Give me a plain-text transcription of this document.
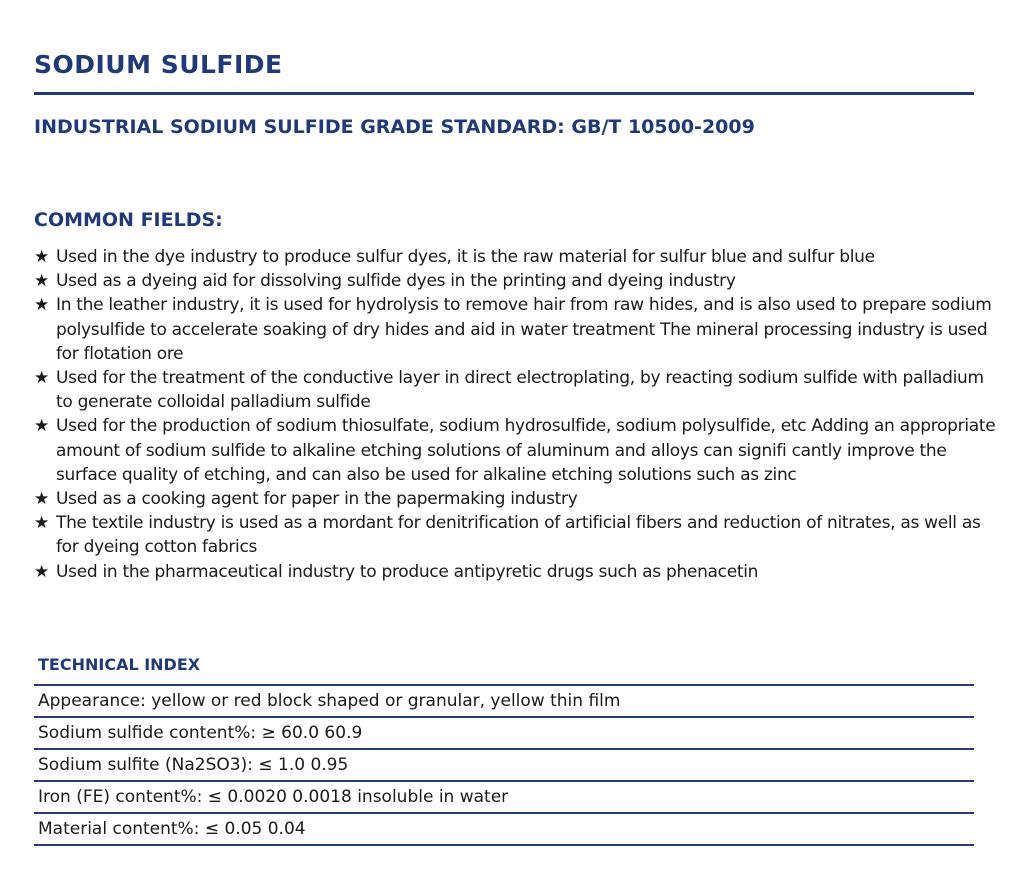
SODIUM SULFIDE
INDUSTRIAL SODIUM SULFIDE GRADE STANDARD: GB/T 10500-2009
COMMON FIELDS:
★ Used in the dye industry to produce sulfur dyes, it is the raw material for sulfur blue and sulfur blue
★ Used as a dyeing aid for dissolving sulfide dyes in the printing and dyeing industry
★ In the leather industry, it is used for hydrolysis to remove hair from raw hides, and is also used to prepare sodium polysulfide to accelerate soaking of dry hides and aid in water treatment The mineral processing industry is used for flotation ore
★ Used for the treatment of the conductive layer in direct electroplating, by reacting sodium sulfide with palladium to generate colloidal palladium sulfide
★ Used for the production of sodium thiosulfate, sodium hydrosulfide, sodium polysulfide, etc Adding an appropriate amount of sodium sulfide to alkaline etching solutions of aluminum and alloys can signifi cantly improve the surface quality of etching, and can also be used for alkaline etching solutions such as zinc
★ Used as a cooking agent for paper in the papermaking industry
★ The textile industry is used as a mordant for denitrification of artificial fibers and reduction of nitrates, as well as for dyeing cotton fabrics
★ Used in the pharmaceutical industry to produce antipyretic drugs such as phenacetin
TECHNICAL INDEX
Appearance: yellow or red block shaped or granular, yellow thin film
Sodium sulfide content%: ≥ 60.0 60.9
Sodium sulfite (Na2SO3): ≤ 1.0 0.95
Iron (FE) content%: ≤ 0.0020 0.0018 insoluble in water
Material content%: ≤ 0.05 0.04
